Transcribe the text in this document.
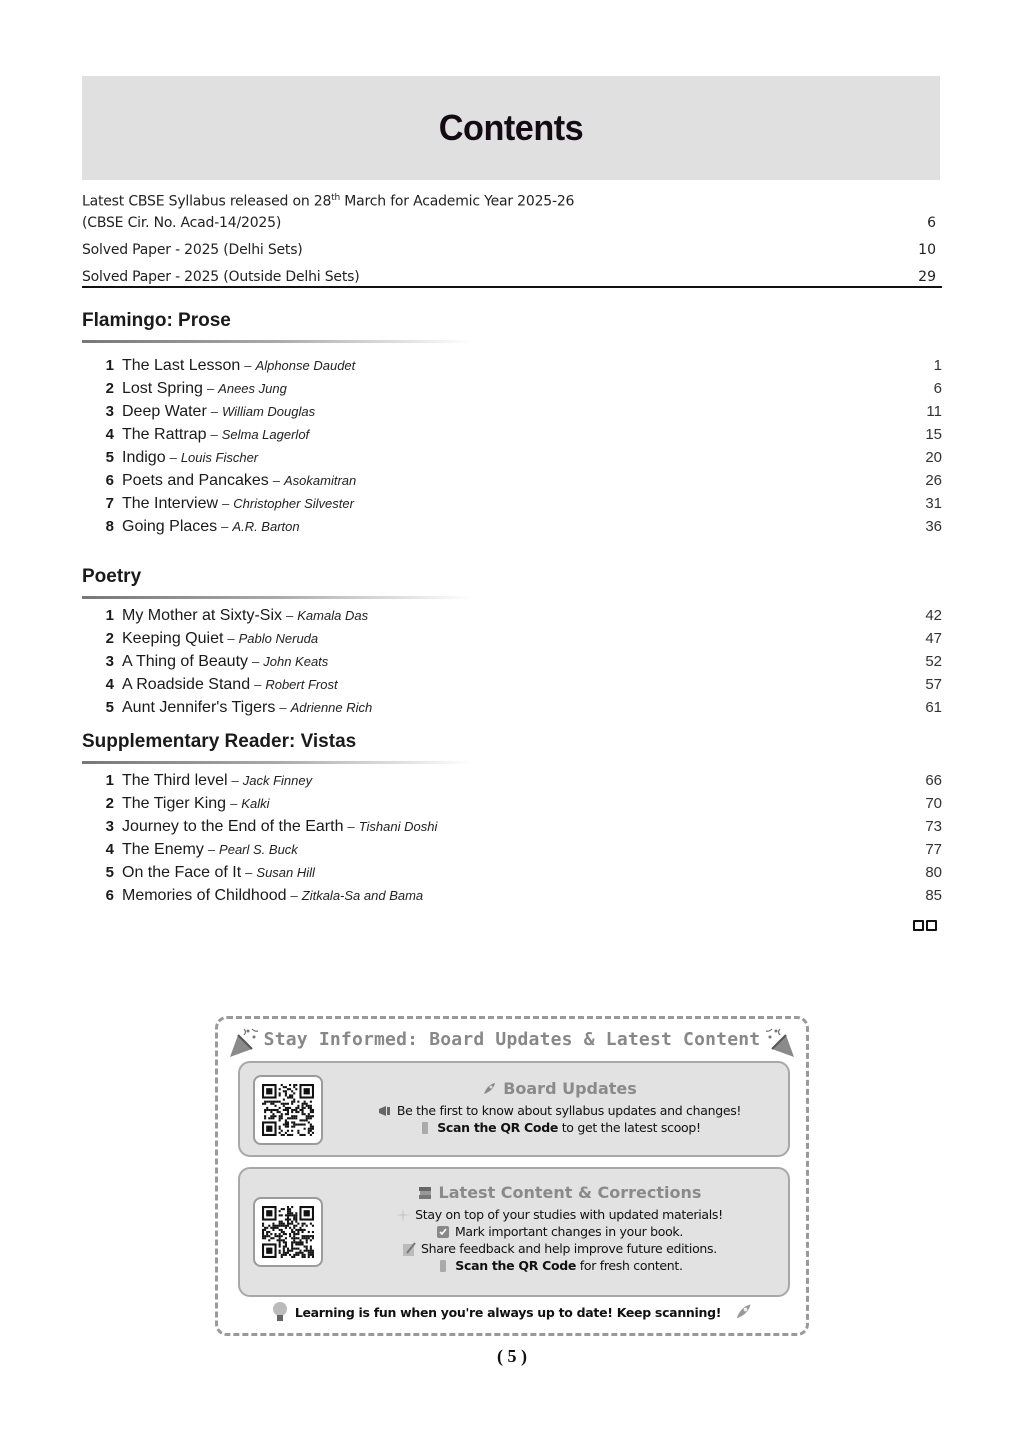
Contents
Latest CBSE Syllabus released on 28th March for Academic Year 2025-26
(CBSE Cir. No. Acad-14/2025)	6
Solved Paper - 2025 (Delhi Sets)	10
Solved Paper - 2025 (Outside Delhi Sets)	29
Flamingo: Prose
1 The Last Lesson – Alphonse Daudet	1
2 Lost Spring – Anees Jung	6
3 Deep Water – William Douglas	11
4 The Rattrap – Selma Lagerlof	15
5 Indigo – Louis Fischer	20
6 Poets and Pancakes – Asokamitran	26
7 The Interview – Christopher Silvester	31
8 Going Places – A.R. Barton	36
Poetry
1 My Mother at Sixty-Six – Kamala Das	42
2 Keeping Quiet – Pablo Neruda	47
3 A Thing of Beauty – John Keats	52
4 A Roadside Stand – Robert Frost	57
5 Aunt Jennifer's Tigers – Adrienne Rich	61
Supplementary Reader: Vistas
1 The Third level – Jack Finney	66
2 The Tiger King – Kalki	70
3 Journey to the End of the Earth – Tishani Doshi	73
4 The Enemy – Pearl S. Buck	77
5 On the Face of It – Susan Hill	80
6 Memories of Childhood – Zitkala-Sa and Bama	85
Stay Informed: Board Updates & Latest Content
Board Updates
Be the first to know about syllabus updates and changes!
Scan the QR Code to get the latest scoop!
Latest Content & Corrections
Stay on top of your studies with updated materials!
Mark important changes in your book.
Share feedback and help improve future editions.
Scan the QR Code for fresh content.
Learning is fun when you're always up to date! Keep scanning!
( 5 )
